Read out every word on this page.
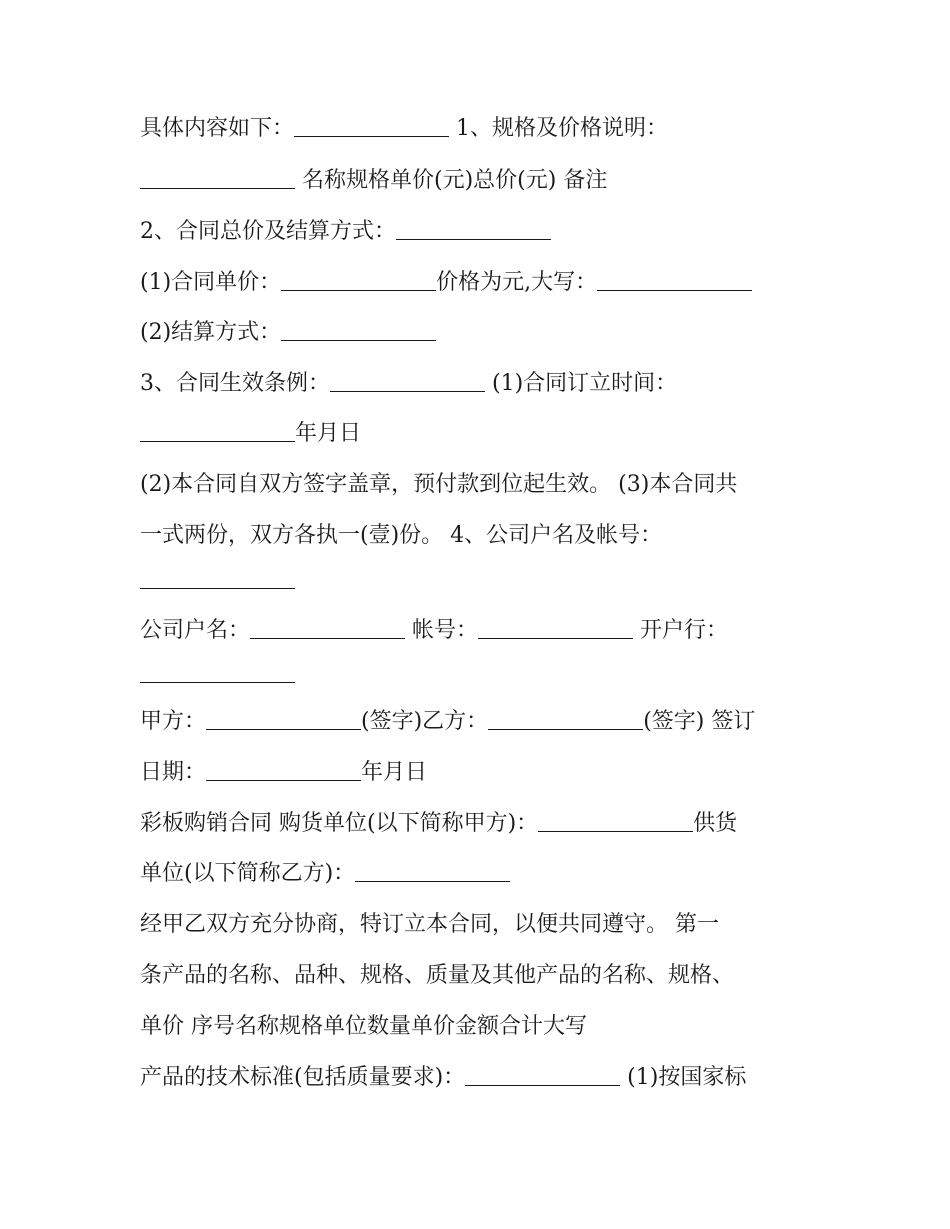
具体内容如下：	1、规格及价格说明：
名称规格单价(元)总价(元) 备注
2、合同总价及结算方式：
(1)合同单价：	价格为元,大写：
(2)结算方式：
3、合同生效条例：	(1)合同订立时间：
年月日
(2)本合同自双方签字盖章，预付款到位起生效。 (3)本合同共
一式两份，双方各执一(壹)份。 4、公司户名及帐号：
公司户名：	帐号：	开户行：
甲方：	(签字)乙方：	(签字) 签订
日期：	年月日
彩板购销合同 购货单位(以下简称甲方)：	供货
单位(以下简称乙方)：
经甲乙双方充分协商，特订立本合同，以便共同遵守。 第一
条产品的名称、品种、规格、质量及其他产品的名称、规格、
单价 序号名称规格单位数量单价金额合计大写
产品的技术标准(包括质量要求)：	(1)按国家标
